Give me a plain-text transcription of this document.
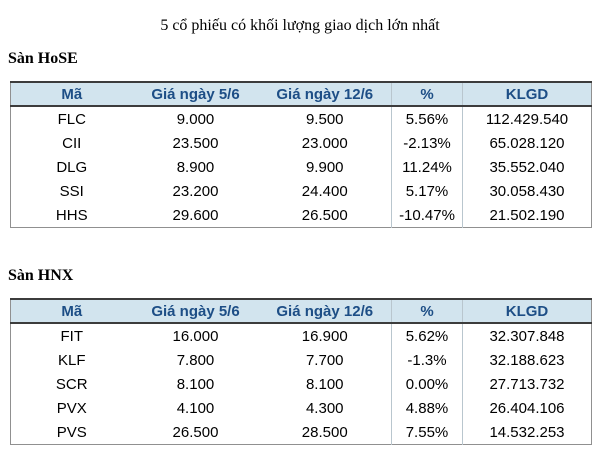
5 cổ phiếu có khối lượng giao dịch lớn nhất
Sàn HoSE
Mã	Giá ngày 5/6	Giá ngày 12/6	%	KLGD
FLC	9.000	9.500	5.56%	112.429.540
CII	23.500	23.000	-2.13%	65.028.120
DLG	8.900	9.900	11.24%	35.552.040
SSI	23.200	24.400	5.17%	30.058.430
HHS	29.600	26.500	-10.47%	21.502.190
Sàn HNX
Mã	Giá ngày 5/6	Giá ngày 12/6	%	KLGD
FIT	16.000	16.900	5.62%	32.307.848
KLF	7.800	7.700	-1.3%	32.188.623
SCR	8.100	8.100	0.00%	27.713.732
PVX	4.100	4.300	4.88%	26.404.106
PVS	26.500	28.500	7.55%	14.532.253
